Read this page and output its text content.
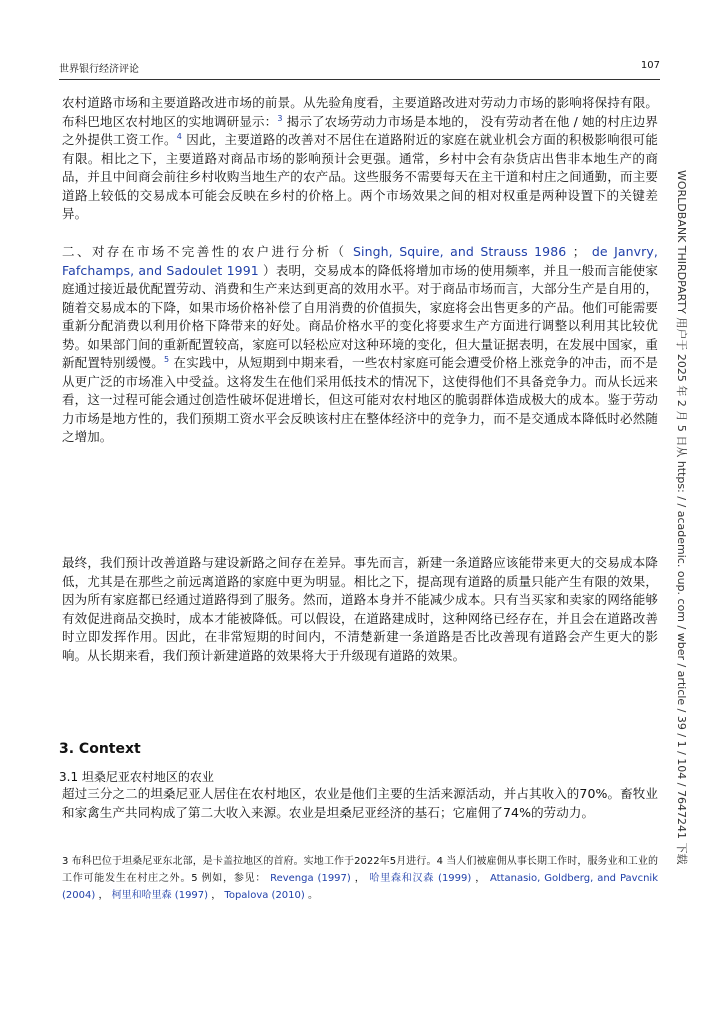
世界银行经济评论	107

农村道路市场和主要道路改进市场的前景。从先验角度看，主要道路改进对劳动力市场的影响将保持有限。布科巴地区农村地区的实地调研显示：$^3$ 揭示了农场劳动力市场是本地的， 没有劳动者在他 / 她的村庄边界之外提供工资工作。$^4$ 因此，主要道路的改善对不居住在道路附近的家庭在就业机会方面的积极影响很可能有限。相比之下，主要道路对商品市场的影响预计会更强。通常，乡村中会有杂货店出售非本地生产的商品，并且中间商会前往乡村收购当地生产的农产品。这些服务不需要每天在主干道和村庄之间通勤，而主要道路上较低的交易成本可能会反映在乡村的价格上。两个市场效果之间的相对权重是两种设置下的关键差异。

二、对存在市场不完善性的农户进行分析（ Singh, Squire, and Strauss 1986 ； de Janvry, Fafchamps, and Sadoulet 1991 ）表明，交易成本的降低将增加市场的使用频率，并且一般而言能使家庭通过接近最优配置劳动、消费和生产来达到更高的效用水平。对于商品市场而言，大部分生产是自用的，随着交易成本的下降，如果市场价格补偿了自用消费的价值损失，家庭将会出售更多的产品。他们可能需要重新分配消费以利用价格下降带来的好处。商品价格水平的变化将要求生产方面进行调整以利用其比较优势。如果部门间的重新配置较高，家庭可以轻松应对这种环境的变化，但大量证据表明，在发展中国家，重新配置特别缓慢。$^5$ 在实践中，从短期到中期来看，一些农村家庭可能会遭受价格上涨竞争的冲击，而不是从更广泛的市场准入中受益。这将发生在他们采用低技术的情况下，这使得他们不具备竞争力。而从长远来看，这一过程可能会通过创造性破坏促进增长，但这可能对农村地区的脆弱群体造成极大的成本。鉴于劳动力市场是地方性的，我们预期工资水平会反映该村庄在整体经济中的竞争力，而不是交通成本降低时必然随之增加。

最终，我们预计改善道路与建设新路之间存在差异。事先而言，新建一条道路应该能带来更大的交易成本降低，尤其是在那些之前远离道路的家庭中更为明显。相比之下，提高现有道路的质量只能产生有限的效果，因为所有家庭都已经通过道路得到了服务。然而，道路本身并不能减少成本。只有当买家和卖家的网络能够有效促进商品交换时，成本才能被降低。可以假设，在道路建成时，这种网络已经存在，并且会在道路改善时立即发挥作用。因此，在非常短期的时间内，不清楚新建一条道路是否比改善现有道路会产生更大的影响。从长期来看，我们预计新建道路的效果将大于升级现有道路的效果。

3. Context
3.1 坦桑尼亚农村地区的农业

超过三分之二的坦桑尼亚人居住在农村地区，农业是他们主要的生活来源活动，并占其收入的70%。畜牧业和家禽生产共同构成了第二大收入来源。农业是坦桑尼亚经济的基石；它雇佣了74%的劳动力。

3 布科巴位于坦桑尼亚东北部，是卡盖拉地区的首府。实地工作于2022年5月进行。4 当人们被雇佣从事长期工作时，服务业和工业的工作可能发生在村庄之外。5 例如，参见： Revenga (1997) ， 哈里森和汉森 (1999) ， Attanasio, Goldberg, and Pavcnik (2004) ， 柯里和哈里森 (1997) ， Topalova (2010) 。

WORLDBANK THIRDPARTY 用户于 2025 年 2 月 5 日从 https: / / academic. oup. com / wber / article / 39 / 1 / 104 / 7647241 下载
